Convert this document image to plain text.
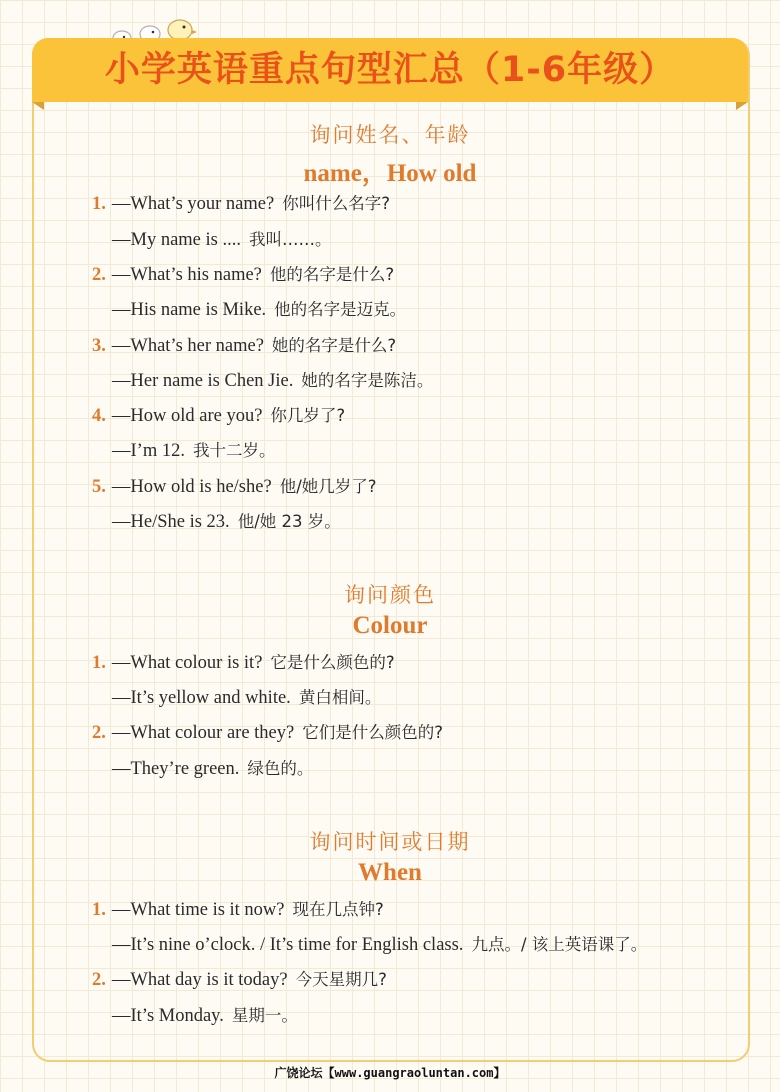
小学英语重点句型汇总（1-6年级）
询问姓名、年龄
name，How old
1. —What’s your name? 你叫什么名字?
—My name is .... 我叫……。
2. —What’s his name? 他的名字是什么?
—His name is Mike. 他的名字是迈克。
3. —What’s her name? 她的名字是什么?
—Her name is Chen Jie. 她的名字是陈洁。
4. —How old are you? 你几岁了?
—I’m 12. 我十二岁。
5. —How old is he/she? 他/她几岁了?
—He/She is 23. 他/她 23 岁。
询问颜色
Colour
1. —What colour is it? 它是什么颜色的?
—It’s yellow and white. 黄白相间。
2. —What colour are they? 它们是什么颜色的?
—They’re green. 绿色的。
询问时间或日期
When
1. —What time is it now? 现在几点钟?
—It’s nine o’clock. / It’s time for English class. 九点。/ 该上英语课了。
2. —What day is it today? 今天星期几?
—It’s Monday. 星期一。
广饶论坛【www.guangraoluntan.com】
